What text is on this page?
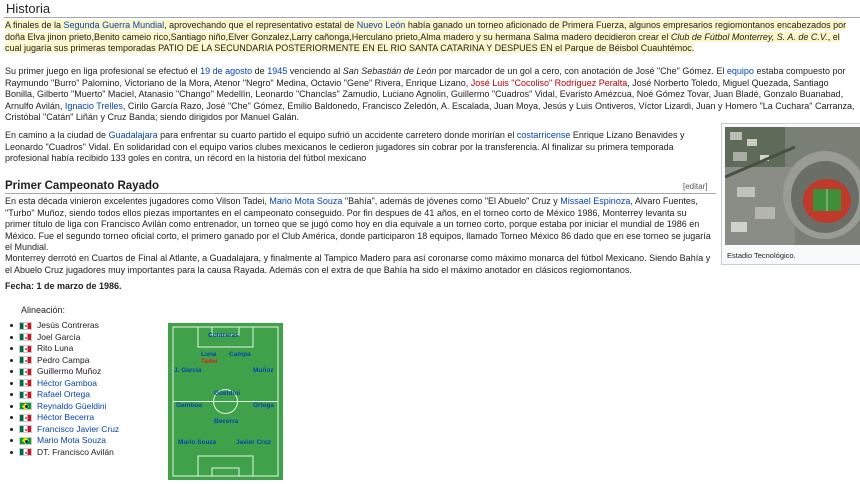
Historia
A finales de la Segunda Guerra Mundial, aprovechando que el representativo estatal de Nuevo León había ganado un torneo aficionado de Primera Fuerza, algunos empresarios regiomontanos encabezados por doña Elva jinon prieto,Benito cameio rico,Santiago niño,Elver Gonzalez,Larry cañonga,Herculano prieto,Alma madero y su hermana Salma madero decidieron crear el Club de Fútbol Monterrey, S. A. de C.V., el cual jugaría sus primeras temporadas PATIO DE LA SECUNDARIA POSTERIORMENTE EN EL RIO SANTA CATARINA Y DESPUES EN el Parque de Béisbol Cuauhtémoc.
Su primer juego en liga profesional se efectuó el 19 de agosto de 1945 venciendo al San Sebastián de León por marcador de un gol a cero, con anotación de José "Che" Gómez. El equipo estaba compuesto por Raymundo "Burro" Palomino, Victoriano de la Mora, Atenor "Negro" Medina, Octavio "Gene" Rivera, Enrique Lizano, José Luis "Cocoliso" Rodríguez Peralta, José Norberto Toledo, Miguel Quezada, Santiago Bonilla, Gilberto "Muerto" Maciel, Atanasio "Chango" Medellín, Leonardo "Chanclas" Zamudio, Luciano Agnolin, Guillermo "Cuadros" Vidal, Evaristo Amézcua, Noé Gómez Tovar, Juan Bladé, Gonzalo Buanabad, Arnulfo Avilán, Ignacio Trelles, Cirilo García Razo, José "Che" Gómez, Emilio Baldonedo, Francisco Zeledón, A. Escalada, Juan Moya, Jesús y Luis Ontiveros, Víctor Lizardi, Juan y Homero "La Cuchara" Carranza, Cristóbal "Catán" Liñán y Cruz Banda; siendo dirigidos por Manuel Galán.
En camino a la ciudad de Guadalajara para enfrentar su cuarto partido el equipo sufrió un accidente carretero donde morirían el costarricense Enrique Lizano Benavides y Leonardo "Cuadros" Vidal. En solidaridad con el equipo varios clubes mexicanos le cedieron jugadores sin cobrar por la transferencia. Al finalizar su primera temporada profesional había recibido 133 goles en contra, un récord en la historia del fútbol mexicano
Estadio Tecnológico.
Primer Campeonato Rayado	[editar]
En esta década vinieron excelentes jugadores como Vilson Tadei, Mario Mota Souza "Bahía", además de jóvenes como "El Abuelo" Cruz y Missael Espinoza, Alvaro Fuentes, "Turbo" Muñoz, siendo todos ellos piezas importantes en el campeonato conseguido. Por fin despues de 41 años, en el torneo corto de México 1986, Monterrey levanta su primer título de liga con Francisco Avilán como entrenador, un torneo que se jugó como hoy en día equivale a un torneo corto, porque estaba por iniciar el mundial de 1986 en México. Fue el segundo torneo oficial corto, el primero ganado por el Club América, donde participaron 18 equipos, llamado Torneo México 86 dado que en ese torneo se jugaría el Mundial.
Monterrey derrotó en Cuartos de Final al Atlante, a Guadalajara, y finalmente al Tampico Madero para así coronarse como máximo monarca del fútbol Mexicano. Siendo Bahía y el Abuelo Cruz jugadores muy importantes para la causa Rayada. Además con el extra de que Bahía ha sido el máximo anotador en clásicos regiomontanos.
Fecha: 1 de marzo de 1986.
Alineación:
Jesús Contreras
Joel García
Rito Luna
Pedro Campa
Guillermo Muñoz
Héctor Gamboa
Rafael Ortega
Reynaldo Güeldini
Héctor Becerra
Francisco Javier Cruz
Mario Mota Souza
DT. Francisco Avilán
Contreras
Luna Campa
Tadei
J. García	Muñoz
Güeldini
Gamboa	Ortega
Becerra
Mario Souza	Javier Cruz
